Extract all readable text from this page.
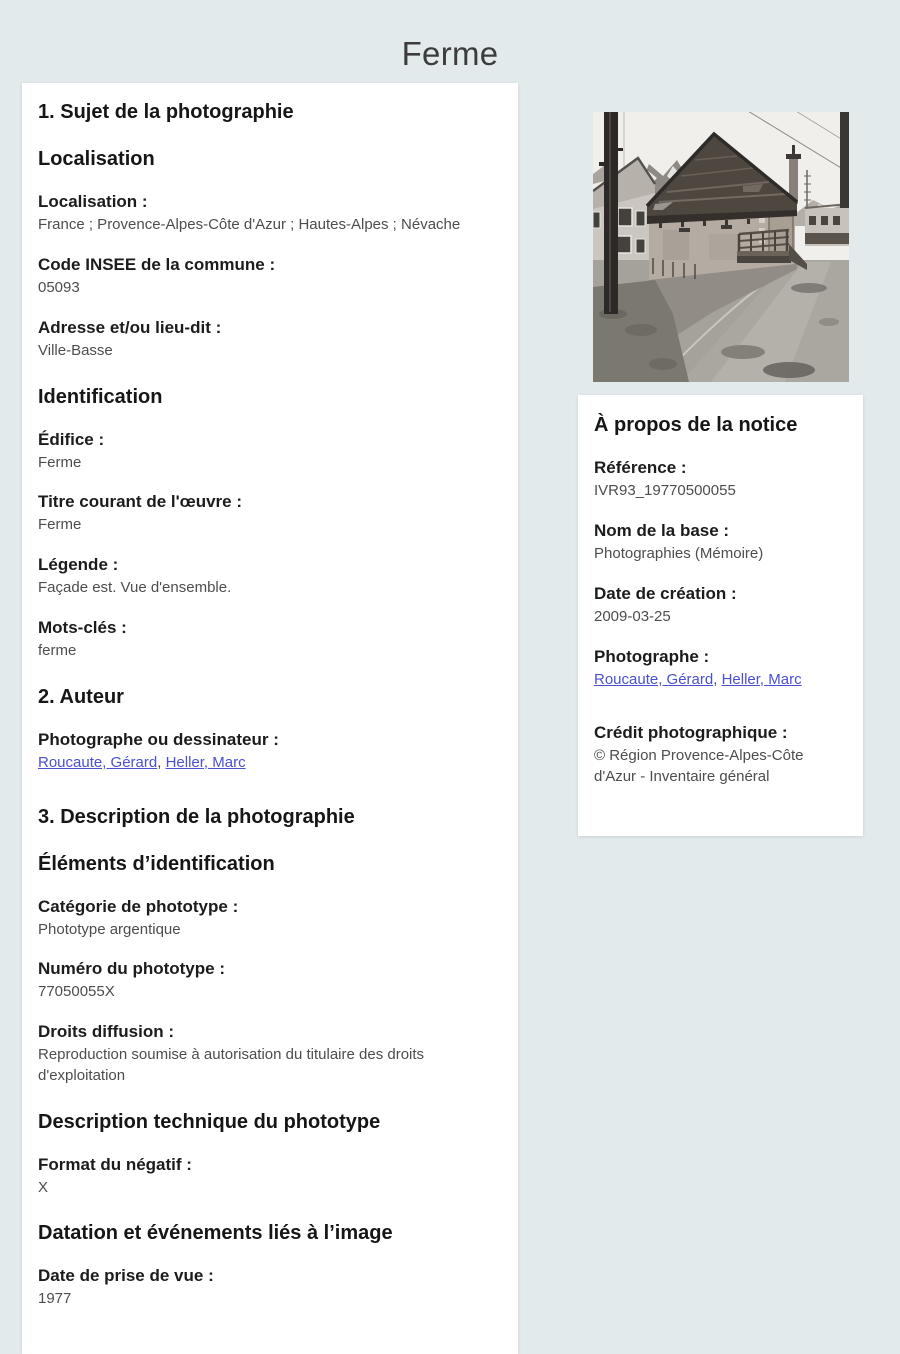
Ferme
1. Sujet de la photographie
Localisation
Localisation :
France ; Provence-Alpes-Côte d'Azur ; Hautes-Alpes ; Névache
Code INSEE de la commune :
05093
Adresse et/ou lieu-dit :
Ville-Basse
Identification
Édifice :
Ferme
Titre courant de l'œuvre :
Ferme
Légende :
Façade est. Vue d'ensemble.
Mots-clés :
ferme
2. Auteur
Photographe ou dessinateur :
Roucaute, Gérard, Heller, Marc
3. Description de la photographie
Éléments d’identification
Catégorie de phototype :
Phototype argentique
Numéro du phototype :
77050055X
Droits diffusion :
Reproduction soumise à autorisation du titulaire des droits d'exploitation
Description technique du phototype
Format du négatif :
X
Datation et événements liés à l’image
Date de prise de vue :
1977
À propos de la notice
Référence :
IVR93_19770500055
Nom de la base :
Photographies (Mémoire)
Date de création :
2009-03-25
Photographe :
Roucaute, Gérard, Heller, Marc
Crédit photographique :
© Région Provence-Alpes-Côte d'Azur - Inventaire général
